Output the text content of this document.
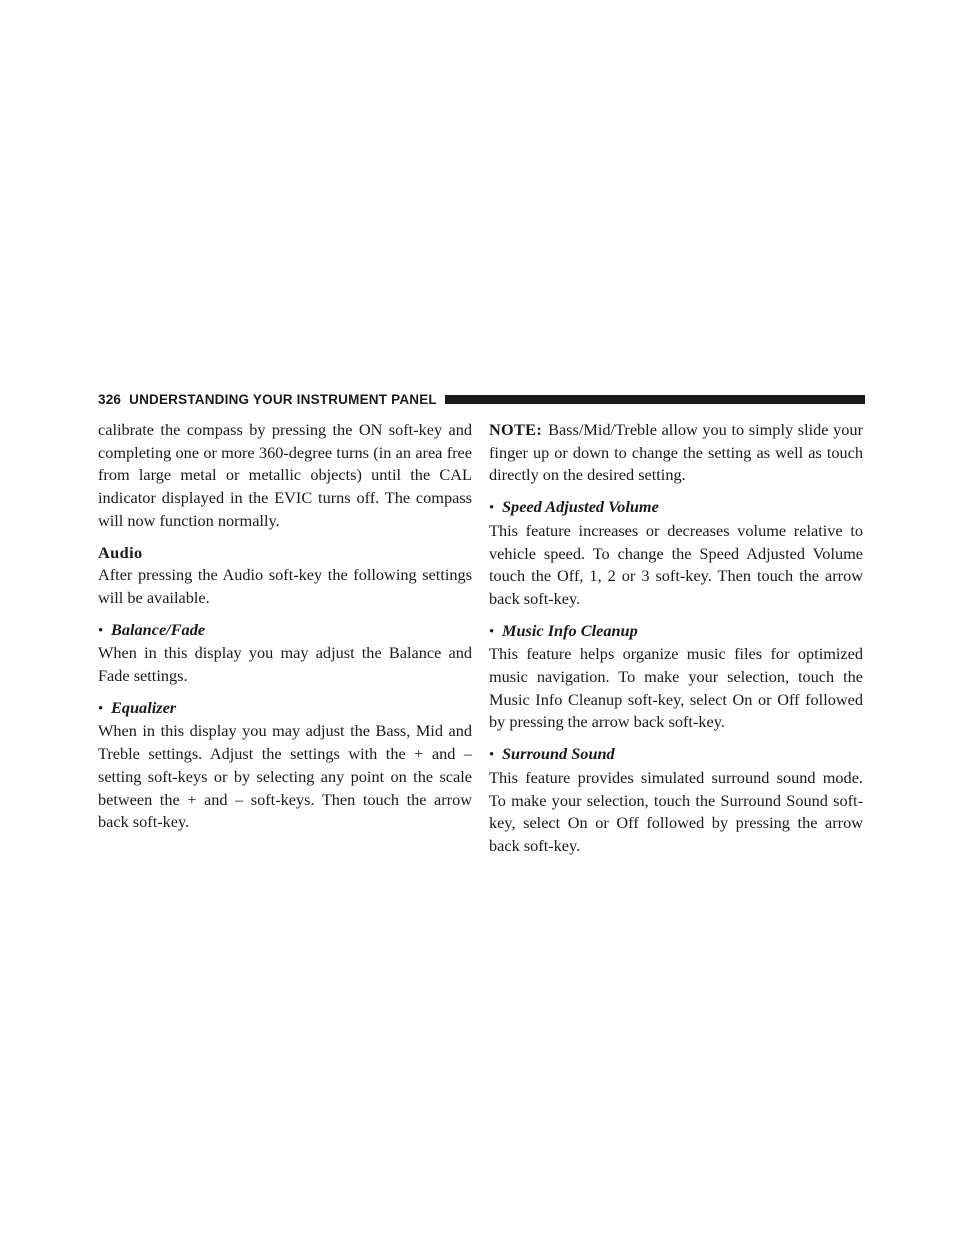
326 UNDERSTANDING YOUR INSTRUMENT PANEL

calibrate the compass by pressing the ON soft-key and completing one or more 360-degree turns (in an area free from large metal or metallic objects) until the CAL indicator displayed in the EVIC turns off. The compass will now function normally.

Audio

After pressing the Audio soft-key the following settings will be available.

• Balance/Fade

When in this display you may adjust the Balance and Fade settings.

• Equalizer

When in this display you may adjust the Bass, Mid and Treble settings. Adjust the settings with the + and – setting soft-keys or by selecting any point on the scale between the + and – soft-keys. Then touch the arrow back soft-key.

NOTE: Bass/Mid/Treble allow you to simply slide your finger up or down to change the setting as well as touch directly on the desired setting.

• Speed Adjusted Volume

This feature increases or decreases volume relative to vehicle speed. To change the Speed Adjusted Volume touch the Off, 1, 2 or 3 soft-key. Then touch the arrow back soft-key.

• Music Info Cleanup

This feature helps organize music files for optimized music navigation. To make your selection, touch the Music Info Cleanup soft-key, select On or Off followed by pressing the arrow back soft-key.

• Surround Sound

This feature provides simulated surround sound mode. To make your selection, touch the Surround Sound soft-key, select On or Off followed by pressing the arrow back soft-key.
